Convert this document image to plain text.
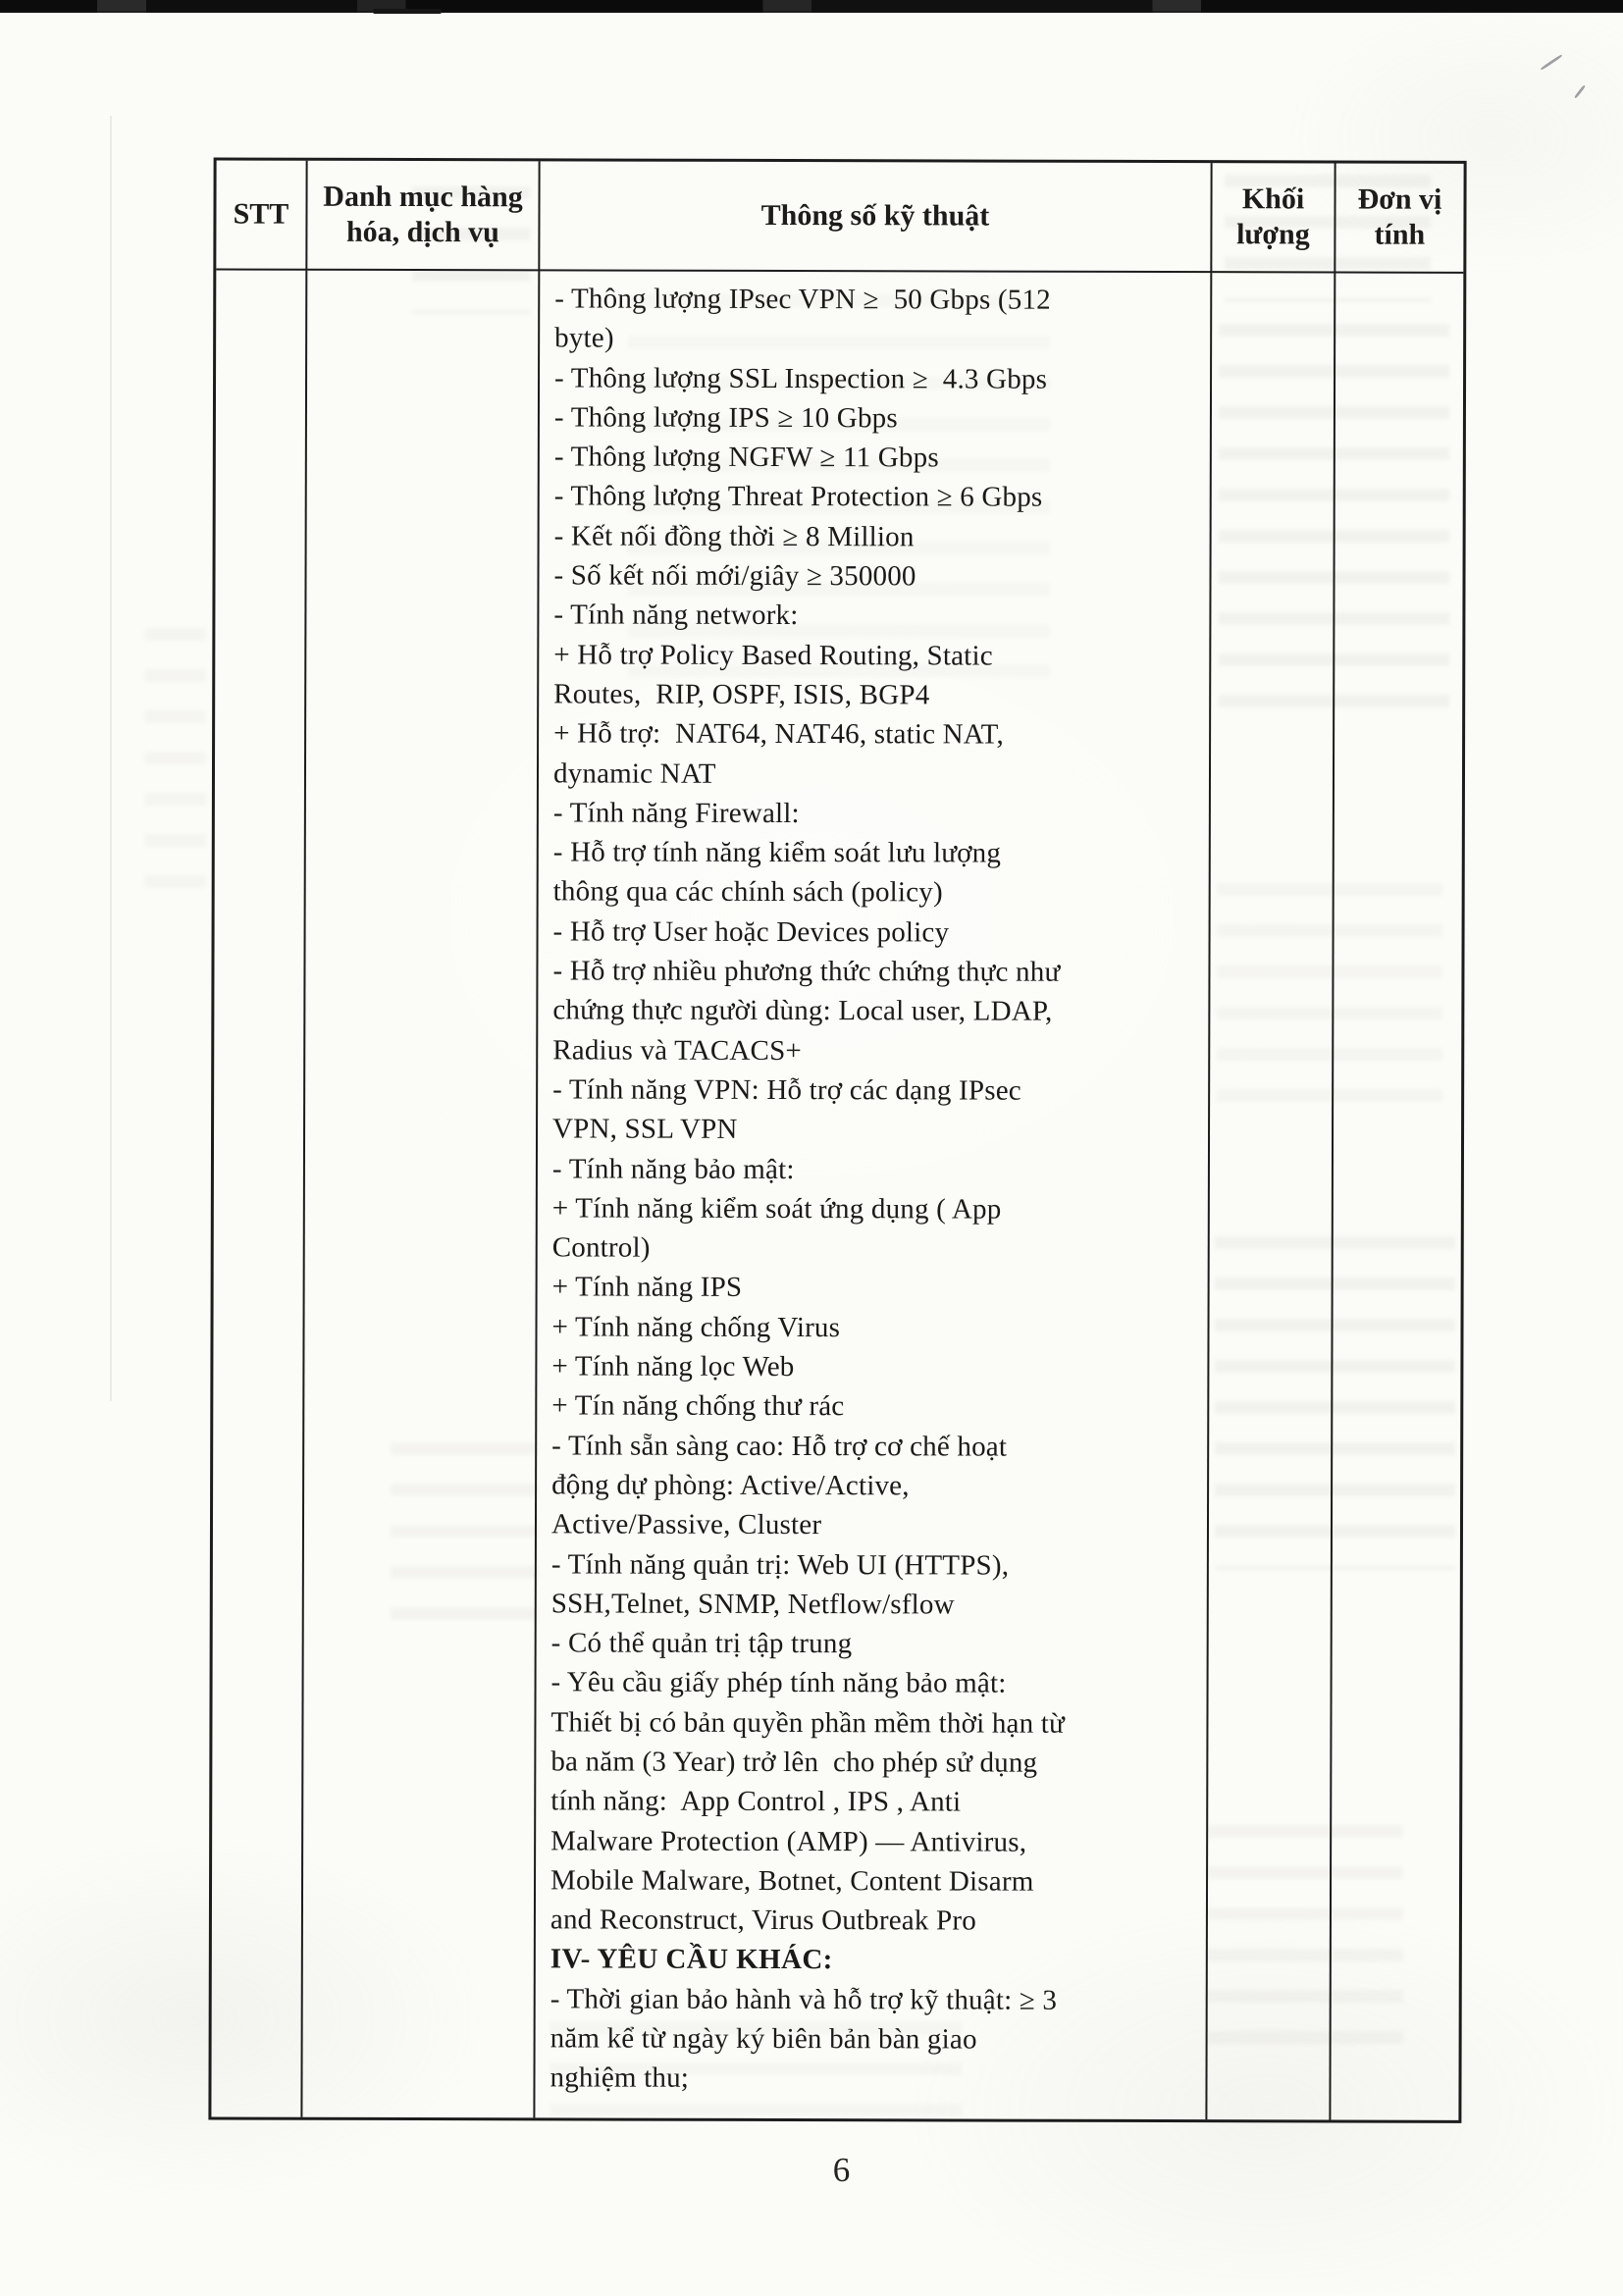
STT
Danh mục hàng hóa, dịch vụ	Thông số kỹ thuật
Khối lượng
Đơn vị tính
- Thông lượng IPsec VPN ≥  50 Gbps (512
byte)
- Thông lượng SSL Inspection ≥  4.3 Gbps
- Thông lượng IPS ≥ 10 Gbps
- Thông lượng NGFW ≥ 11 Gbps
- Thông lượng Threat Protection ≥ 6 Gbps
- Kết nối đồng thời ≥ 8 Million
- Số kết nối mới/giây ≥ 350000
- Tính năng network:
+ Hỗ trợ Policy Based Routing, Static
Routes,  RIP, OSPF, ISIS, BGP4
+ Hỗ trợ:  NAT64, NAT46, static NAT,
dynamic NAT
- Tính năng Firewall:
- Hỗ trợ tính năng kiểm soát lưu lượng
thông qua các chính sách (policy)
- Hỗ trợ User hoặc Devices policy
- Hỗ trợ nhiều phương thức chứng thực như
chứng thực người dùng: Local user, LDAP,
Radius và TACACS+
- Tính năng VPN: Hỗ trợ các dạng IPsec
VPN, SSL VPN
- Tính năng bảo mật:
+ Tính năng kiểm soát ứng dụng ( App
Control)
+ Tính năng IPS
+ Tính năng chống Virus
+ Tính năng lọc Web
+ Tín năng chống thư rác
- Tính sẵn sàng cao: Hỗ trợ cơ chế hoạt
động dự phòng: Active/Active,
Active/Passive, Cluster
- Tính năng quản trị: Web UI (HTTPS),
SSH,Telnet, SNMP, Netflow/sflow
- Có thể quản trị tập trung
- Yêu cầu giấy phép tính năng bảo mật:
Thiết bị có bản quyền phần mềm thời hạn từ
ba năm (3 Year) trở lên  cho phép sử dụng
tính năng:  App Control , IPS , Anti
Malware Protection (AMP) — Antivirus,
Mobile Malware, Botnet, Content Disarm
and Reconstruct, Virus Outbreak Pro
IV- YÊU CẦU KHÁC:
- Thời gian bảo hành và hỗ trợ kỹ thuật: ≥ 3
năm kể từ ngày ký biên bản bàn giao
nghiệm thu;
6
